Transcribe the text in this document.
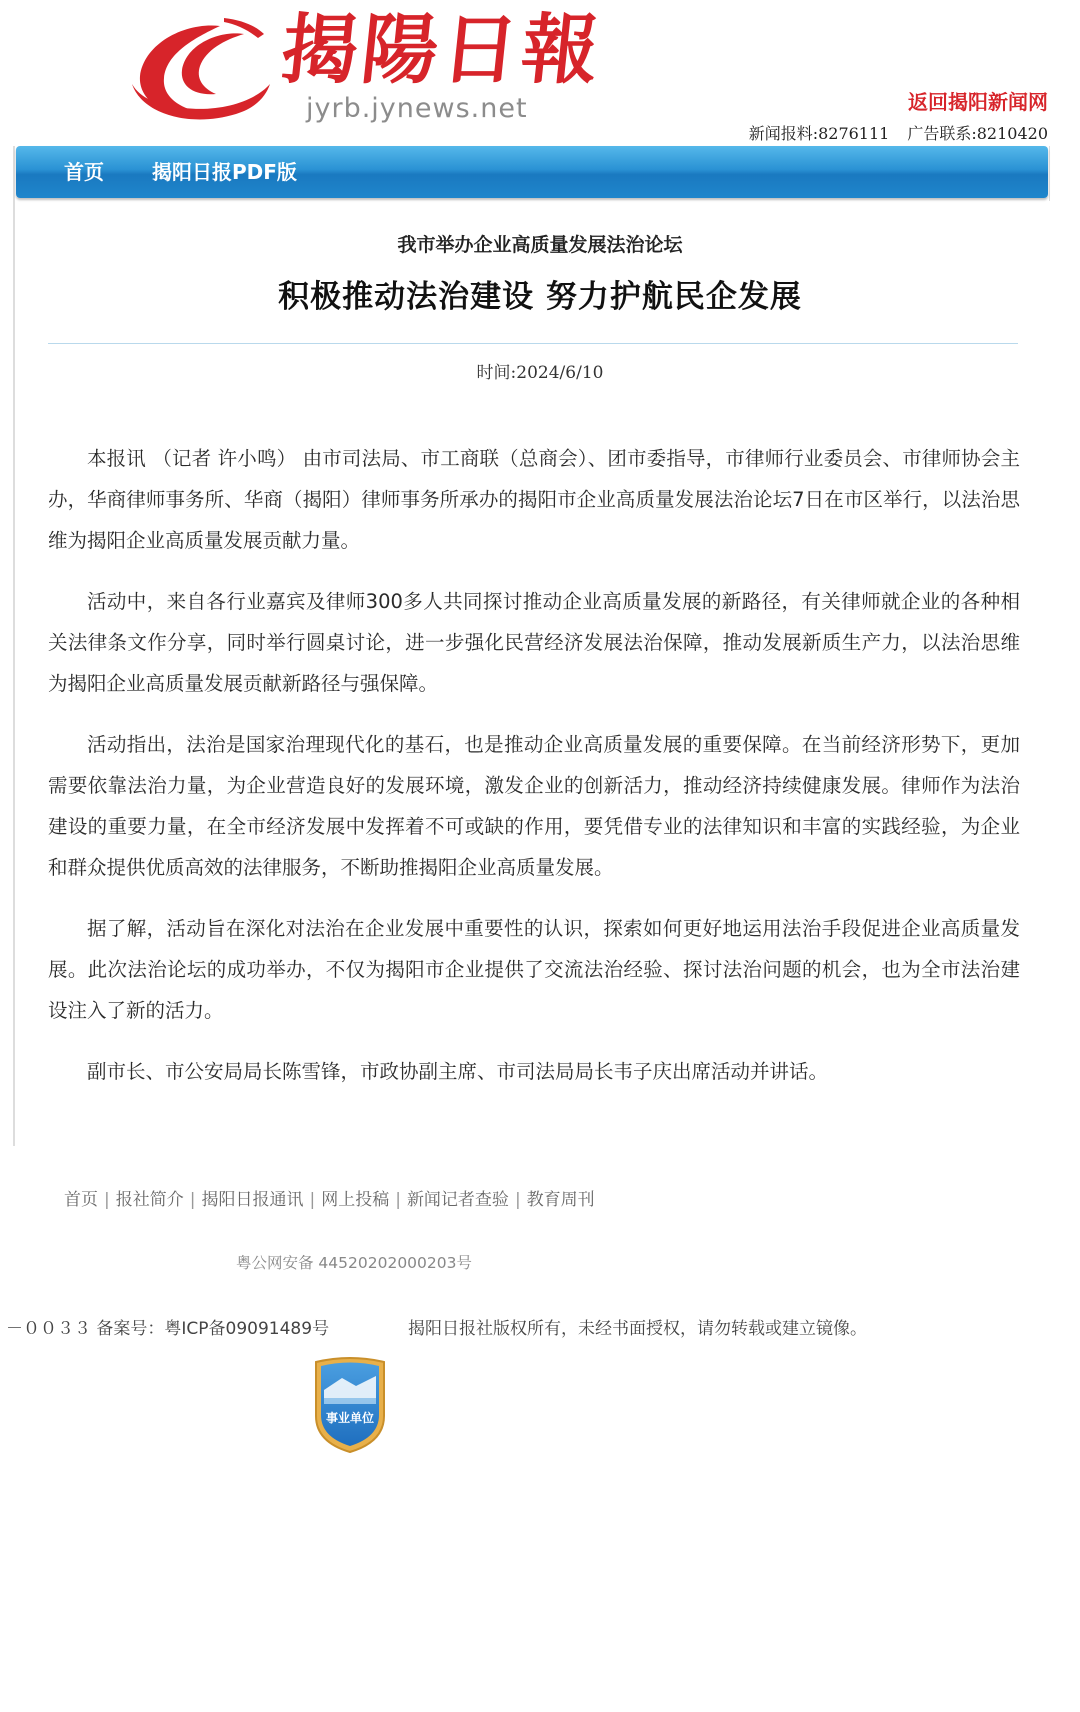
揭陽日報
jyrb.jynews.net	返回揭阳新闻网
新闻报料:8276111 广告联系:8210420
首页 揭阳日报PDF版
我市举办企业高质量发展法治论坛
积极推动法治建设 努力护航民企发展
时间:2024/6/10

本报讯 （记者 许小鸣） 由市司法局、市工商联（总商会）、团市委指导，市律师行业委员会、市律师协会主办，华商律师事务所、华商（揭阳）律师事务所承办的揭阳市企业高质量发展法治论坛7日在市区举行，以法治思维为揭阳企业高质量发展贡献力量。

活动中，来自各行业嘉宾及律师300多人共同探讨推动企业高质量发展的新路径，有关律师就企业的各种相关法律条文作分享，同时举行圆桌讨论，进一步强化民营经济发展法治保障，推动发展新质生产力，以法治思维为揭阳企业高质量发展贡献新路径与强保障。

活动指出，法治是国家治理现代化的基石，也是推动企业高质量发展的重要保障。在当前经济形势下，更加需要依靠法治力量，为企业营造良好的发展环境，激发企业的创新活力，推动经济持续健康发展。律师作为法治建设的重要力量，在全市经济发展中发挥着不可或缺的作用，要凭借专业的法律知识和丰富的实践经验，为企业和群众提供优质高效的法律服务，不断助推揭阳企业高质量发展。

据了解，活动旨在深化对法治在企业发展中重要性的认识，探索如何更好地运用法治手段促进企业高质量发展。此次法治论坛的成功举办，不仅为揭阳市企业提供了交流法治经验、探讨法治问题的机会，也为全市法治建设注入了新的活力。

副市长、市公安局局长陈雪锋，市政协副主席、市司法局局长韦子庆出席活动并讲话。

首页 | 报社简介 | 揭阳日报通讯 | 网上投稿 | 新闻记者查验 | 教育周刊
粤公网安备 44520202000203号
－００３３ 备案号：粤ICP备09091489号	揭阳日报社版权所有，未经书面授权，请勿转载或建立镜像。
事业单位
